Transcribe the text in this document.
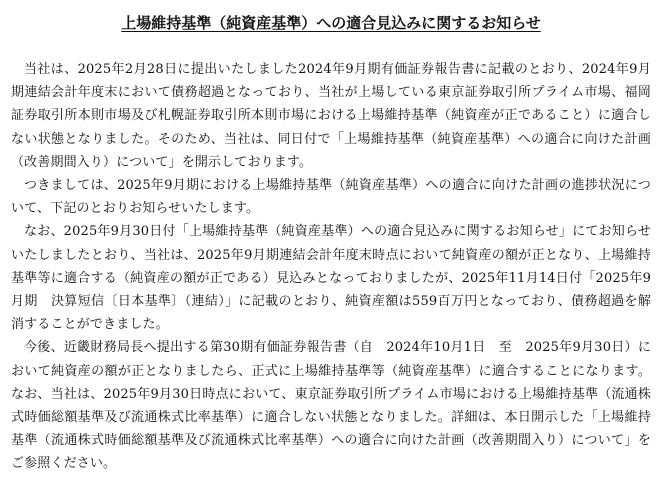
上場維持基準（純資産基準）への適合見込みに関するお知らせ

当社は、2025年2月28日に提出いたしました2024年9月期有価証券報告書に記載のとおり、2024年9月期連結会計年度末において債務超過となっており、当社が上場している東京証券取引所プライム市場、福岡証券取引所本則市場及び札幌証券取引所本則市場における上場維持基準（純資産が正であること）に適合しない状態となりました。そのため、当社は、同日付で「上場維持基準（純資産基準）への適合に向けた計画（改善期間入り）について」を開示しております。

つきましては、2025年9月期における上場維持基準（純資産基準）への適合に向けた計画の進捗状況について、下記のとおりお知らせいたします。

なお、2025年9月30日付「上場維持基準（純資産基準）への適合見込みに関するお知らせ」にてお知らせいたしましたとおり、当社は、2025年9月期連結会計年度末時点において純資産の額が正となり、上場維持基準等に適合する（純資産の額が正である）見込みとなっておりましたが、2025年11月14日付「2025年9月期　決算短信〔日本基準〕（連結）」に記載のとおり、純資産額は559百万円となっており、債務超過を解消することができました。

今後、近畿財務局長へ提出する第30期有価証券報告書（自　2024年10月1日　至　2025年9月30日）において純資産の額が正となりましたら、正式に上場維持基準等（純資産基準）に適合することになります。なお、当社は、2025年9月30日時点において、東京証券取引所プライム市場における上場維持基準（流通株式時価総額基準及び流通株式比率基準）に適合しない状態となりました。詳細は、本日開示した「上場維持基準（流通株式時価総額基準及び流通株式比率基準）への適合に向けた計画（改善期間入り）について」をご参照ください。
